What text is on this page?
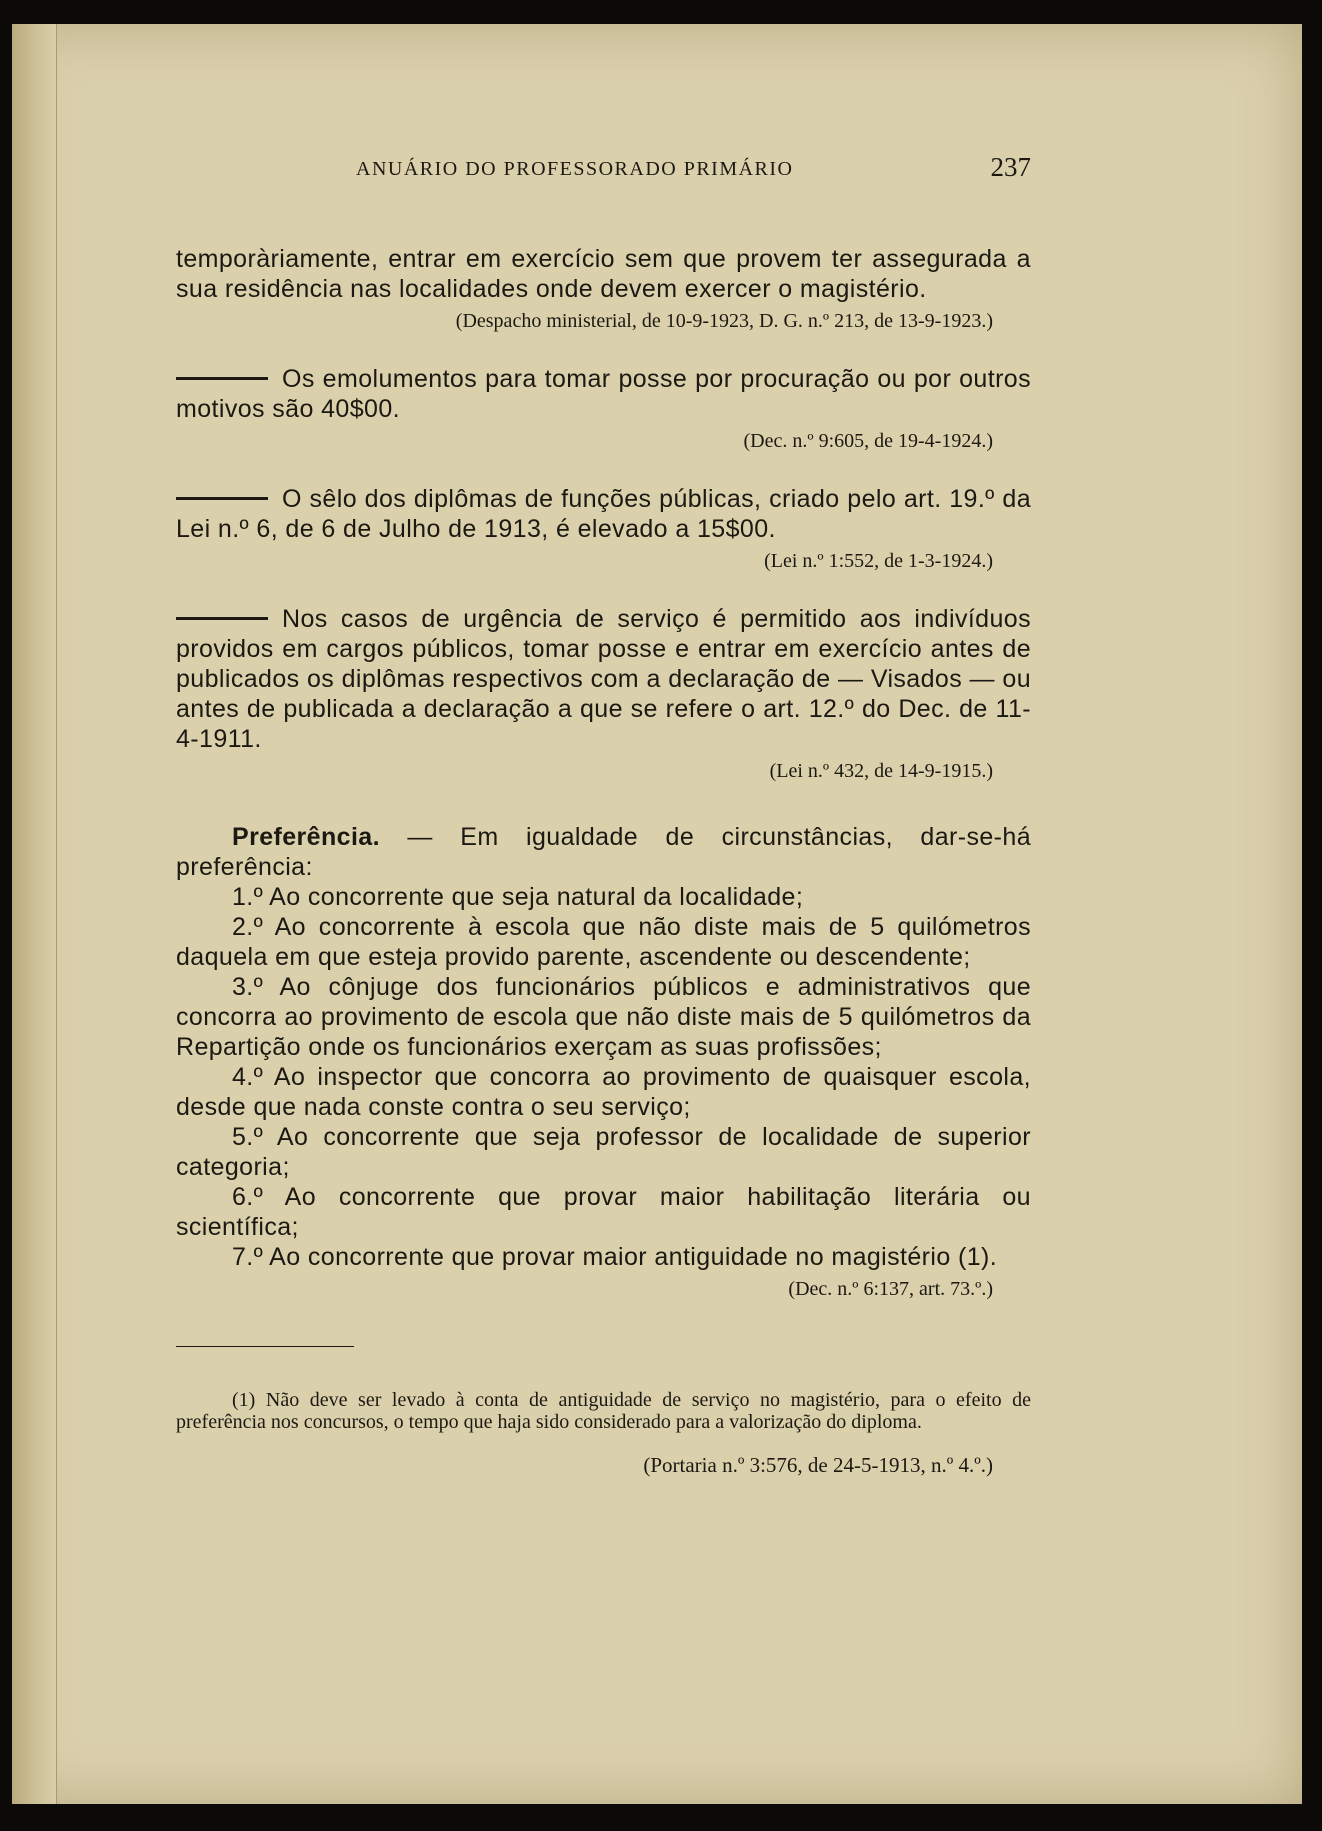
ANUÁRIO DO PROFESSORADO PRIMÁRIO	237

temporàriamente, entrar em exercício sem que provem ter assegurada a sua residência nas localidades onde devem exercer o magistério.

(Despacho ministerial, de 10-9-1923, D. G. n.º 213, de 13-9-1923.)

Os emolumentos para tomar posse por procuração ou por outros motivos são 40$00.

(Dec. n.º 9:605, de 19-4-1924.)

O sêlo dos diplômas de funções públicas, criado pelo art. 19.º da Lei n.º 6, de 6 de Julho de 1913, é elevado a 15$00.

(Lei n.º 1:552, de 1-3-1924.)

Nos casos de urgência de serviço é permitido aos indivíduos providos em cargos públicos, tomar posse e entrar em exercício antes de publicados os diplômas respectivos com a declaração de — Visados — ou antes de publicada a declaração a que se refere o art. 12.º do Dec. de 11-4-1911.

(Lei n.º 432, de 14-9-1915.)

Preferência. — Em igualdade de circunstâncias, dar-se-há preferência:

1.º Ao concorrente que seja natural da localidade;

2.º Ao concorrente à escola que não diste mais de 5 quilómetros daquela em que esteja provido parente, ascendente ou descendente;

3.º Ao cônjuge dos funcionários públicos e administrativos que concorra ao provimento de escola que não diste mais de 5 quilómetros da Repartição onde os funcionários exerçam as suas profissões;

4.º Ao inspector que concorra ao provimento de quaisquer escola, desde que nada conste contra o seu serviço;

5.º Ao concorrente que seja professor de localidade de superior categoria;

6.º Ao concorrente que provar maior habilitação literária ou scientífica;

7.º Ao concorrente que provar maior antiguidade no magistério (1).

(Dec. n.º 6:137, art. 73.º.)

(1) Não deve ser levado à conta de antiguidade de serviço no magistério, para o efeito de preferência nos concursos, o tempo que haja sido considerado para a valorização do diploma.

(Portaria n.º 3:576, de 24-5-1913, n.º 4.º.)
